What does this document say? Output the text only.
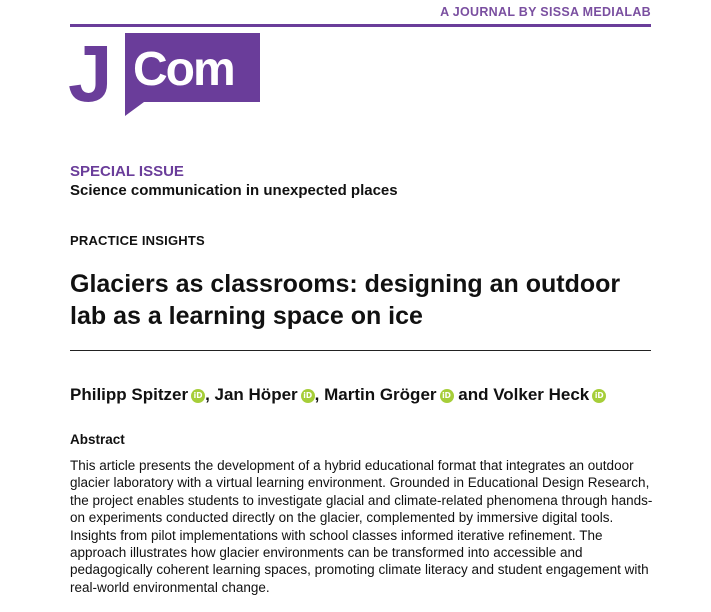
A JOURNAL BY SISSA MEDIALAB
J Com
SPECIAL ISSUE
Science communication in unexpected places
PRACTICE INSIGHTS
Glaciers as classrooms: designing an outdoor lab as a learning space on ice
Philipp Spitzer iD , Jan Höper iD , Martin Gröger iD and Volker Heck iD
Abstract
This article presents the development of a hybrid educational format that integrates an outdoor glacier laboratory with a virtual learning environment. Grounded in Educational Design Research, the project enables students to investigate glacial and climate-related phenomena through hands-on experiments conducted directly on the glacier, complemented by immersive digital tools. Insights from pilot implementations with school classes informed iterative refinement. The approach illustrates how glacier environments can be transformed into accessible and pedagogically coherent learning spaces, promoting climate literacy and student engagement with real-world environmental change.
